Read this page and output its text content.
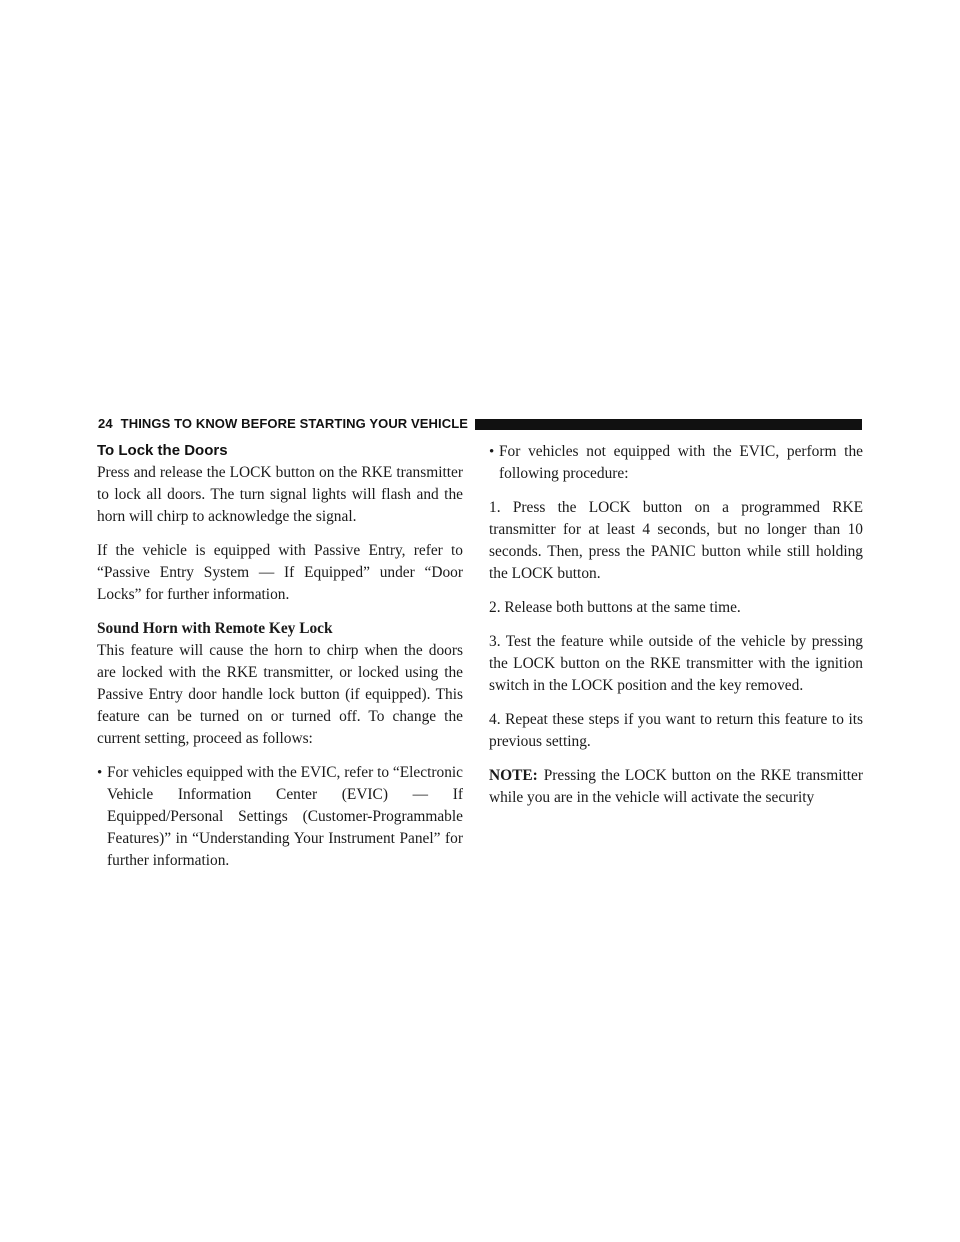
24 THINGS TO KNOW BEFORE STARTING YOUR VEHICLE
To Lock the Doors

Press and release the LOCK button on the RKE transmitter to lock all doors. The turn signal lights will flash and the horn will chirp to acknowledge the signal.

If the vehicle is equipped with Passive Entry, refer to “Passive Entry System — If Equipped” under “Door Locks” for further information.

Sound Horn with Remote Key Lock

This feature will cause the horn to chirp when the doors are locked with the RKE transmitter, or locked using the Passive Entry door handle lock button (if equipped). This feature can be turned on or turned off. To change the current setting, proceed as follows:

• For vehicles equipped with the EVIC, refer to “Electronic Vehicle Information Center (EVIC) — If Equipped/Personal Settings (Customer-Programmable Features)” in “Understanding Your Instrument Panel” for further information.
• For vehicles not equipped with the EVIC, perform the following procedure:

1. Press the LOCK button on a programmed RKE transmitter for at least 4 seconds, but no longer than 10 seconds. Then, press the PANIC button while still holding the LOCK button.

2. Release both buttons at the same time.

3. Test the feature while outside of the vehicle by pressing the LOCK button on the RKE transmitter with the ignition switch in the LOCK position and the key removed.

4. Repeat these steps if you want to return this feature to its previous setting.

NOTE: Pressing the LOCK button on the RKE transmitter while you are in the vehicle will activate the security
